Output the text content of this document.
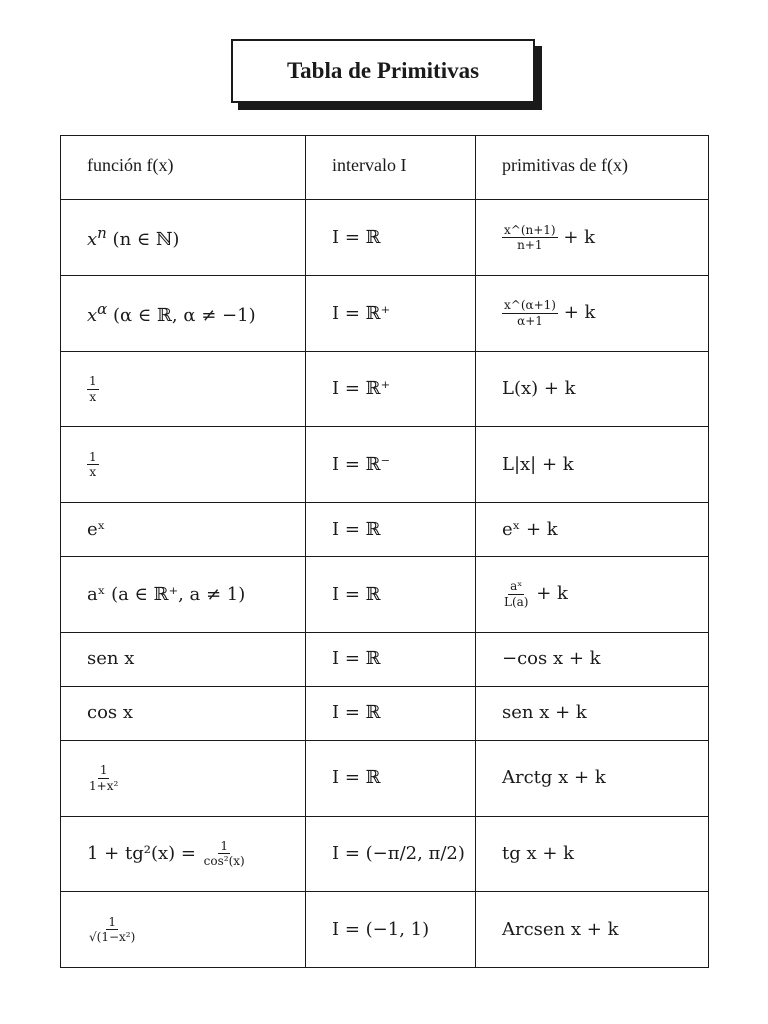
Tabla de Primitivas
función f(x)	intervalo I	primitivas de f(x)
$x^n$ (n ∈ ℕ)	I = ℝ	$\frac{x\^{}(n+1)}{n+1} + k$
$x^\alpha$ (α ∈ ℝ, α ≠ −1)	I = ℝ⁺	$\frac{x\^{}(\alpha+1)}{\alpha+1} + k$

$\frac{1}{x}$	I = ℝ⁺	L(x) + k

$\frac{1}{x}$	I = ℝ⁻	L|x| + k
eˣ	I = ℝ	eˣ + k
aˣ (a ∈ ℝ⁺, a ≠ 1)	I = ℝ	$\frac{\text{aˣ}}{L(a)} + k$
sen x	I = ℝ	−cos x + k
cos x	I = ℝ	sen x + k

$\frac{1}{\text{1+x²}}$	I = ℝ	Arctg x + k
$1 + tg^2(x) = \frac{1}{\text{cos²(x)}}$	I = (−π/2, π/2)	tg x + k

$\frac{1}{\text{√(1−x²)}}$	I = (−1, 1)	Arcsen x + k
